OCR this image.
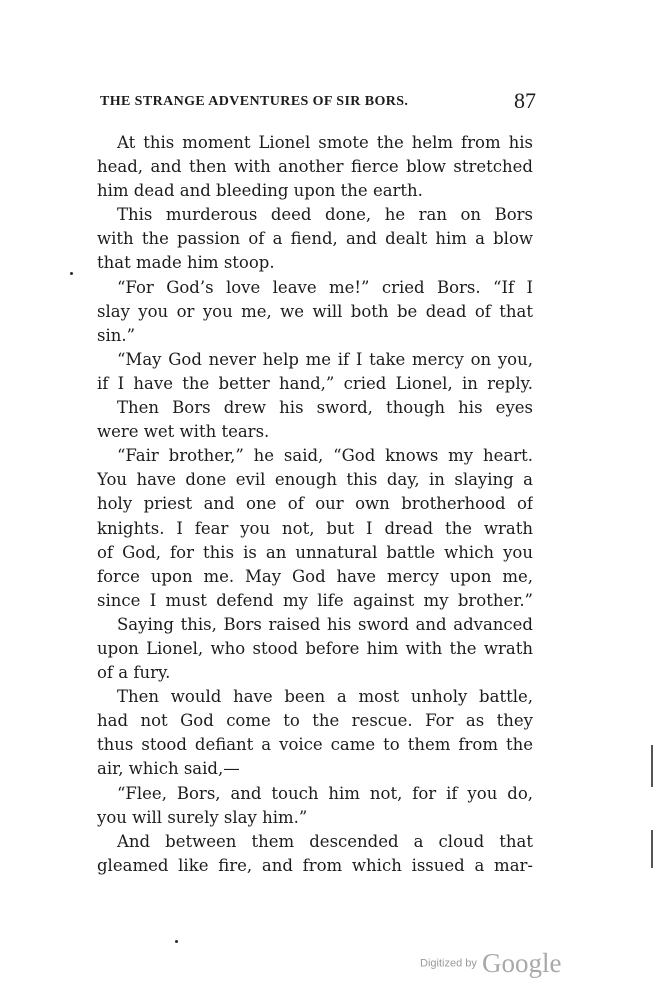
THE STRANGE ADVENTURES OF SIR BORS.	87
At this moment Lionel smote the helm from his
head, and then with another fierce blow stretched
him dead and bleeding upon the earth.
This murderous deed done, he ran on Bors
with the passion of a fiend, and dealt him a blow
that made him stoop.
“For God’s love leave me!” cried Bors. “If I
slay you or you me, we will both be dead of that
sin.”
“May God never help me if I take mercy on you,
if I have the better hand,” cried Lionel, in reply.
Then Bors drew his sword, though his eyes
were wet with tears.
“Fair brother,” he said, “God knows my heart.
You have done evil enough this day, in slaying a
holy priest and one of our own brotherhood of
knights. I fear you not, but I dread the wrath
of God, for this is an unnatural battle which you
force upon me. May God have mercy upon me,
since I must defend my life against my brother.”
Saying this, Bors raised his sword and advanced
upon Lionel, who stood before him with the wrath
of a fury.
Then would have been a most unholy battle,
had not God come to the rescue. For as they
thus stood defiant a voice came to them from the
air, which said,—
“Flee, Bors, and touch him not, for if you do,
you will surely slay him.”
And between them descended a cloud that
gleamed like fire, and from which issued a mar-
Digitized by Google
